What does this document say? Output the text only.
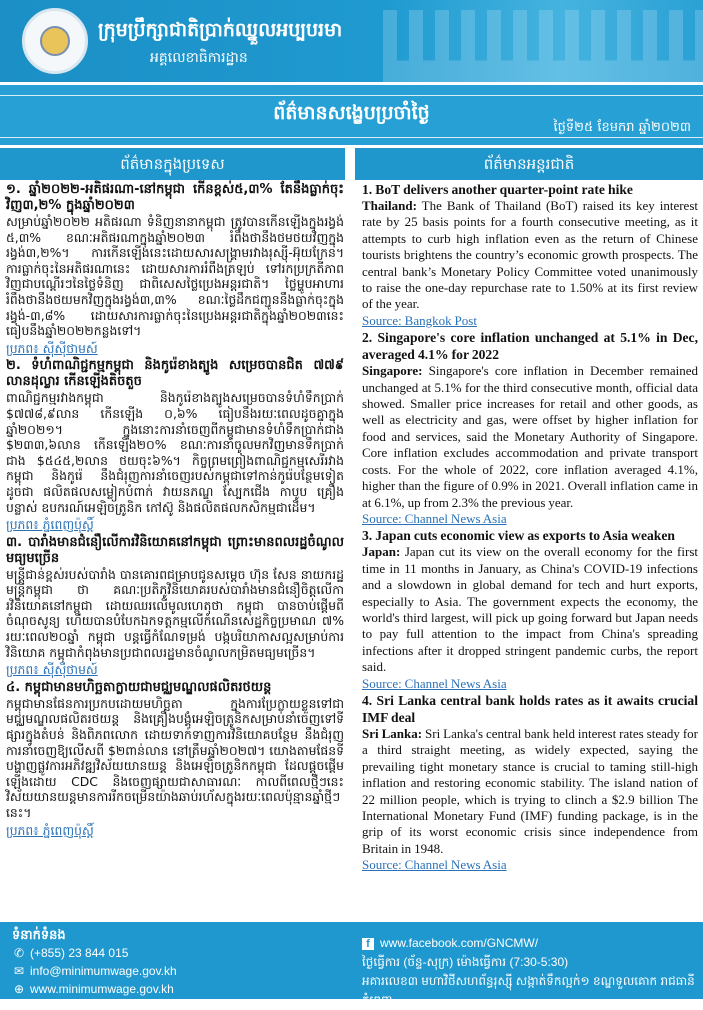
ក្រុមប្រឹក្សាជាតិប្រាក់ឈ្នួលអប្បបរមា
អគ្គលេខាធិការដ្ឋាន
ព័ត៌មានសង្ខេបប្រចាំថ្ងៃ
ថ្ងៃទី២៥ ខែមករា ឆ្នាំ២០២៣
ព័ត៌មានក្នុងប្រទេស	ព័ត៌មានអន្តរជាតិ
១. ឆ្នាំ២០២២-អតិផរណា-នៅកម្ពុជា កើនខ្ពស់៥,៣% តែនឹងធ្លាក់ចុះវិញ៣,២% ក្នុងឆ្នាំ២០២៣

សម្រាប់ឆ្នាំ២០២២ អតិផរណា ទំនិញនានាកម្ពុជា ត្រូវបានកើនឡើងក្នុងរង្វង់ ៥,៣% ខណៈអតិផរណាក្នុងឆ្នាំ២០២៣ រំពឹងថានឹងថមថយវិញក្នុងរង្វង់៣,២%។ ការកើនឡើងនេះដោយសារសង្គ្រាមរវាងរុស្ស៊ី-អ៊ុយក្រែន។ ការធ្លាក់ចុះនៃអតិផរណានេះ ដោយសារការរំពឹងត្រឡប់ ទៅរកប្រក្រតីភាពវិញជាបណ្ដើរៗនៃថ្លៃទំនិញ ជាពិសេសថ្លៃប្រេងអន្តរជាតិ។ ថ្លៃម្ហូបអាហាររំពឹងថានឹងថយមកវិញក្នុងរង្វង់៣,៣% ខណៈថ្លៃដឹកជញ្ជូននឹងធ្លាក់ចុះក្នុងរង្វង់-៣,៨% ដោយសារការធ្លាក់ចុះនៃប្រេងអន្តរជាតិក្នុងឆ្នាំ២០២៣នេះ ធៀបនឹងឆ្នាំ២០២២កន្លងទៅ។

ប្រភព៖ ស៊ីស៊ីថាមស៍
២. ទំហំពាណិជ្ជកម្មកម្ពុជា និងកូរ៉េខាងត្បូង សម្រេចបានជិត ៧៧៩ លានដុល្លារ កើនឡើងតិចតួច

ពាណិជ្ជកម្មរវាងកម្ពុជា និងកូរ៉េខាងត្បូងសម្រេចបានទំហំទឹកប្រាក់ $៧៧៨,៩លាន កើនឡើង ០,៦% ធៀបនឹងរយៈពេលដូចគ្នាក្នុងឆ្នាំ២០២១។ ក្នុងនោះការនាំចេញពីកម្ពុជាមានទំហំទឹកប្រាក់ជាង $២៣៣,៦លាន កើនឡើង២០% ខណៈការនាំចូលមកវិញមានទឹកប្រាក់ជាង $៥៤៥,២លាន ថយចុះ៦%។ កិច្ចព្រមព្រៀងពាណិជ្ជកម្មសេរីរវាងកម្ពុជា និងកូរ៉េ នឹងជំរុញការនាំចេញរបស់កម្ពុជាទៅកាន់កូរ៉េបន្ថែមទៀត ដូចជា ផលិតផលសម្លៀកបំពាក់ វាយនភណ្ឌ ស្បែកជើង កាបូប គ្រឿងបន្លាស់ ឧបករណ៍អេឡិចត្រូនិក កៅស៊ូ និងផលិតផលកសិកម្មជាដើម។

ប្រភព៖ ភ្នំពេញប៉ុស្ដិ៍
៣. បារាំងមានជំនឿលើការវិនិយោគនៅកម្ពុជា ព្រោះមានពលរដ្ឋចំណូលមធ្យមច្រើន

មន្ត្រីជាន់ខ្ពស់របស់បារាំង បានគោរពជម្រាបជូនសម្ដេច ហ៊ុន សែន នាយករដ្ឋមន្ត្រីកម្ពុជា ថា គណៈប្រតិភូវិនិយោគរបស់បារាំងមានជំនឿចិត្តលើការវិនិយោគនៅកម្ពុជា ដោយឈរលើមូលហេតុថា កម្ពុជា បានចាប់ផ្ដើមពីចំណុចសូន្យ ហើយបានបំបែកឯកទត្តកម្មលើកំណើនសេដ្ឋកិច្ចប្រមាណ ៧% រយៈពេល២០ឆ្នាំ កម្ពុជា បន្តធ្វើកំណែទម្រង់ បង្កបរិយាកាសល្អសម្រាប់ការវិនិយោគ កម្ពុជាកំពុងមានប្រជាពលរដ្ឋមានចំណូលកម្រិតមធ្យមច្រើន។

ប្រភព៖ ស៊ីស៊ីថាមស៍
៤. កម្ពុជាមានមហិច្ឆតាក្លាយជាមជ្ឈមណ្ឌលផលិតរថយន្ត

កម្ពុជាមានផែនការប្រកបដោយមហិច្ឆតា ក្នុងការប្រែក្លាយខ្លួនទៅជាមជ្ឈមណ្ឌលផលិតរថយន្ត និងគ្រឿងបង្គុំអេឡិចត្រូនិកសម្រាប់នាំចេញទៅទីផ្សារក្នុងតំបន់ និងពិភពលោក ដោយទាក់ទាញការវិនិយោគបន្ថែម នឹងជំរុញការនាំចេញឱ្យលើសពី $២ពាន់លាន នៅត្រឹមឆ្នាំ២០២៧។ យោងតាមផែនទីបង្ហាញផ្លូវការអភិវឌ្ឍវិស័យយានយន្ត និងអេឡិចត្រូនិកកម្ពុជា ដែលផ្ដួចផ្ដើមឡើងដោយ CDC និងចេញផ្សាយជាសាធារណៈ កាលពីពេលថ្មីៗនេះ វិស័យយានយន្តមានការរីកចម្រើនយ៉ាងឆាប់រហ័សក្នុងរយៈពេលប៉ុន្មានឆ្នាំថ្មីៗនេះ។

ប្រភព៖ ភ្នំពេញប៉ុស្ដិ៍
1. BoT delivers another quarter-point rate hike

Thailand: The Bank of Thailand (BoT) raised its key interest rate by 25 basis points for a fourth consecutive meeting, as it attempts to curb high inflation even as the return of Chinese tourists brightens the country’s economic growth prospects. The central bank’s Monetary Policy Committee voted unanimously to raise the one-day repurchase rate to 1.50% at its first review of the year.

Source: Bangkok Post
2. Singapore's core inflation unchanged at 5.1% in Dec, averaged 4.1% for 2022

Singapore: Singapore's core inflation in December remained unchanged at 5.1% for the third consecutive month, official data showed. Smaller price increases for retail and other goods, as well as electricity and gas, were offset by higher inflation for food and services, said the Monetary Authority of Singapore. Core inflation excludes accommodation and private transport costs. For the whole of 2022, core inflation averaged 4.1%, higher than the figure of 0.9% in 2021. Overall inflation came in at 6.1%, up from 2.3% the previous year.

Source: Channel News Asia
3. Japan cuts economic view as exports to Asia weaken

Japan: Japan cut its view on the overall economy for the first time in 11 months in January, as China's COVID-19 infections and a slowdown in global demand for tech and hurt exports, especially to Asia. The government expects the economy, the world's third largest, will pick up going forward but Japan needs to pay full attention to the impact from China's spreading infections after it dropped stringent pandemic curbs, the report said.

Source: Channel News Asia
4. Sri Lanka central bank holds rates as it awaits crucial IMF deal

Sri Lanka: Sri Lanka's central bank held interest rates steady for a third straight meeting, as widely expected, saying the prevailing tight monetary stance is crucial to taming still-high inflation and restoring economic stability. The island nation of 22 million people, which is trying to clinch a $2.9 billion The International Monetary Fund (IMF) funding package, is in the grip of its worst economic crisis since independence from Britain in 1948.

Source: Channel News Asia
ទំនាក់ទំនង
✆ (+855) 23 844 015
✉ info@minimumwage.gov.kh
⊕ www.minimumwage.gov.kh
f www.facebook.com/GNCMW/
ថ្ងៃធ្វើការ (ច័ន្ទ-សុក្រ) ម៉ោងធ្វើការ (7:30-5:30)
អគារលេខ៣ មហាវិថីសហព័ន្ធរុស្ស៊ី សង្កាត់ទឹកល្អក់១ ខណ្ឌទួលគោក រាជធានីភ្នំពេញ
